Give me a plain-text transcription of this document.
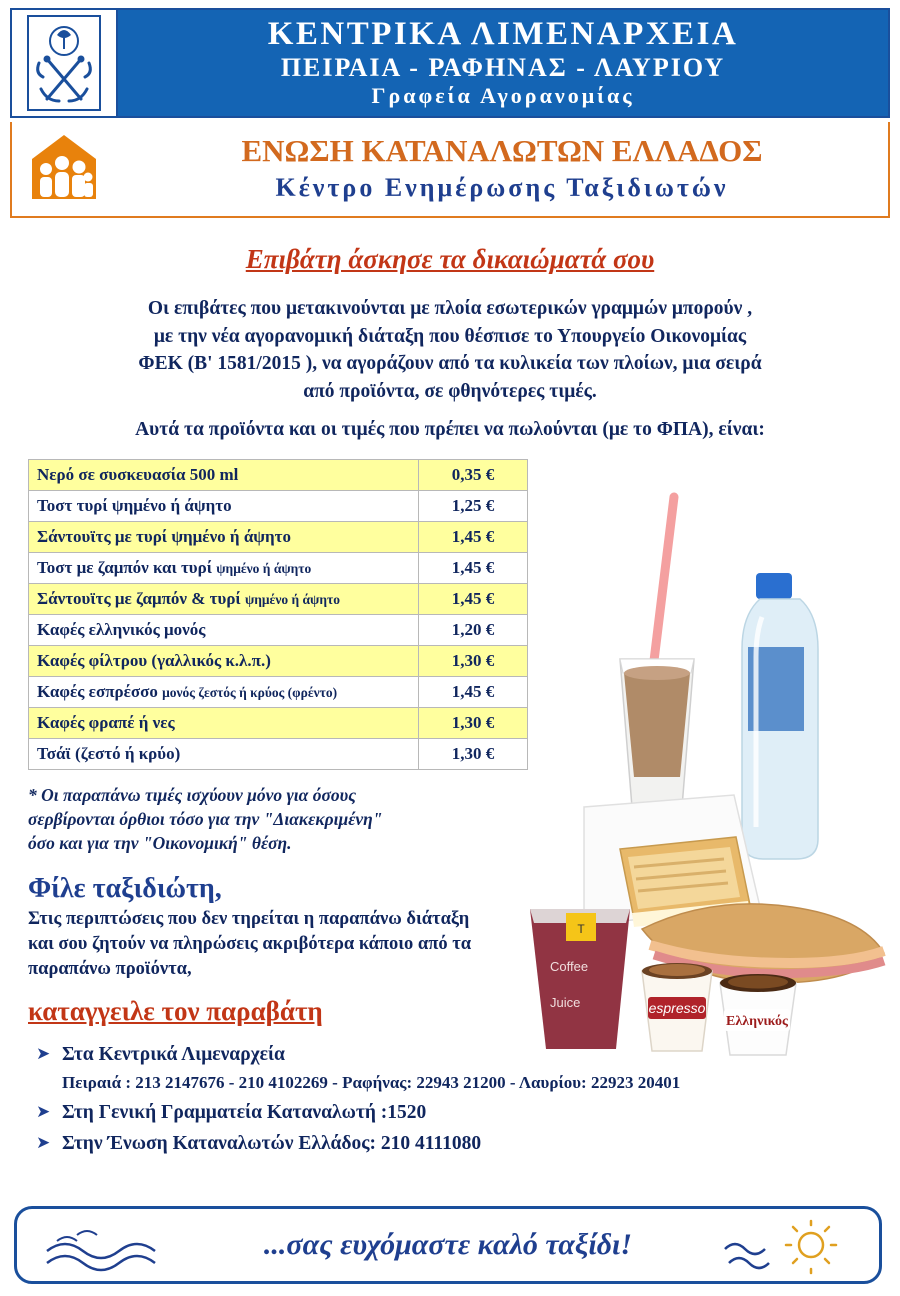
ΚΕΝΤΡΙΚΑ ΛΙΜΕΝΑΡΧΕΙΑ
ΠΕΙΡΑΙΑ - ΡΑΦΗΝΑΣ - ΛΑΥΡΙΟΥ
Γραφεία Αγορανομίας
ΕΝΩΣΗ ΚΑΤΑΝΑΛΩΤΩΝ ΕΛΛΑΔΟΣ
Κέντρο Ενημέρωσης Ταξιδιωτών
Επιβάτη άσκησε τα δικαιώματά σου

Οι επιβάτες που μετακινούνται με πλοία εσωτερικών γραμμών μπορούν ,

με την νέα αγορανομική διάταξη που θέσπισε το Υπουργείο Οικονομίας

ΦΕΚ (Β' 1581/2015 ), να αγοράζουν από τα κυλικεία των πλοίων, μια σειρά

από προϊόντα, σε φθηνότερες τιμές.

Αυτά τα προϊόντα και οι τιμές που πρέπει να πωλούνται (με το ΦΠΑ), είναι:

Νερό σε συσκευασία 500 ml	0,35 €
Τοστ τυρί ψημένο ή άψητο	1,25 €
Σάντουϊτς με τυρί ψημένο ή άψητο	1,45 €
Τοστ με ζαμπόν και τυρί ψημένο ή άψητο	1,45 €
Σάντουϊτς με ζαμπόν & τυρί ψημένο ή άψητο	1,45 €
Καφές ελληνικός μονός	1,20 €
Καφές φίλτρου (γαλλικός κ.λ.π.)	1,30 €
Καφές εσπρέσσο μονός ζεστός ή κρύος (φρέντο)	1,45 €
Καφές φραπέ ή νες	1,30 €
Τσάϊ (ζεστό ή κρύο)	1,30 €
* Οι παραπάνω τιμές ισχύουν μόνο για όσους
σερβίρονται όρθιοι τόσο για την "Διακεκριμένη"
όσο και για την "Οικονομική" θέση.
Φίλε ταξιδιώτη,
Στις περιπτώσεις που δεν τηρείται η παραπάνω διάταξη
και σου ζητούν να πληρώσεις ακριβότερα κάποιο από τα
παραπάνω προϊόντα,
καταγγειλε τον παραβάτη
T
Coffee
Juice	espresso
Ελληνικός
➤ Στα Κεντρικά Λιμεναρχεία
Πειραιά : 213 2147676 - 210 4102269 - Ραφήνας: 22943 21200 - Λαυρίου: 22923 20401
➤ Στη Γενική Γραμματεία Καταναλωτή :1520
➤ Στην Ένωση Καταναλωτών Ελλάδος: 210 4111080
...σας ευχόμαστε καλό ταξίδι!
